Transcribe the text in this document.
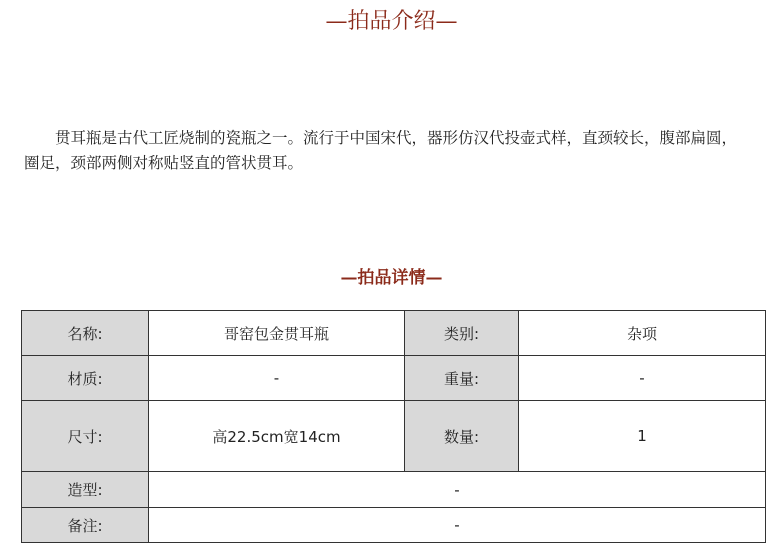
—拍品介绍—

贯耳瓶是古代工匠烧制的瓷瓶之一。流行于中国宋代，器形仿汉代投壶式样，直颈较长，腹部扁圆，圈足，颈部两侧对称贴竖直的管状贯耳。

—拍品详情—
名称:	哥窑包金贯耳瓶	类别:	杂项
材质:	-	重量:	-
尺寸:	高22.5cm宽14cm	数量:	1
造型:	-		
备注:	-		
